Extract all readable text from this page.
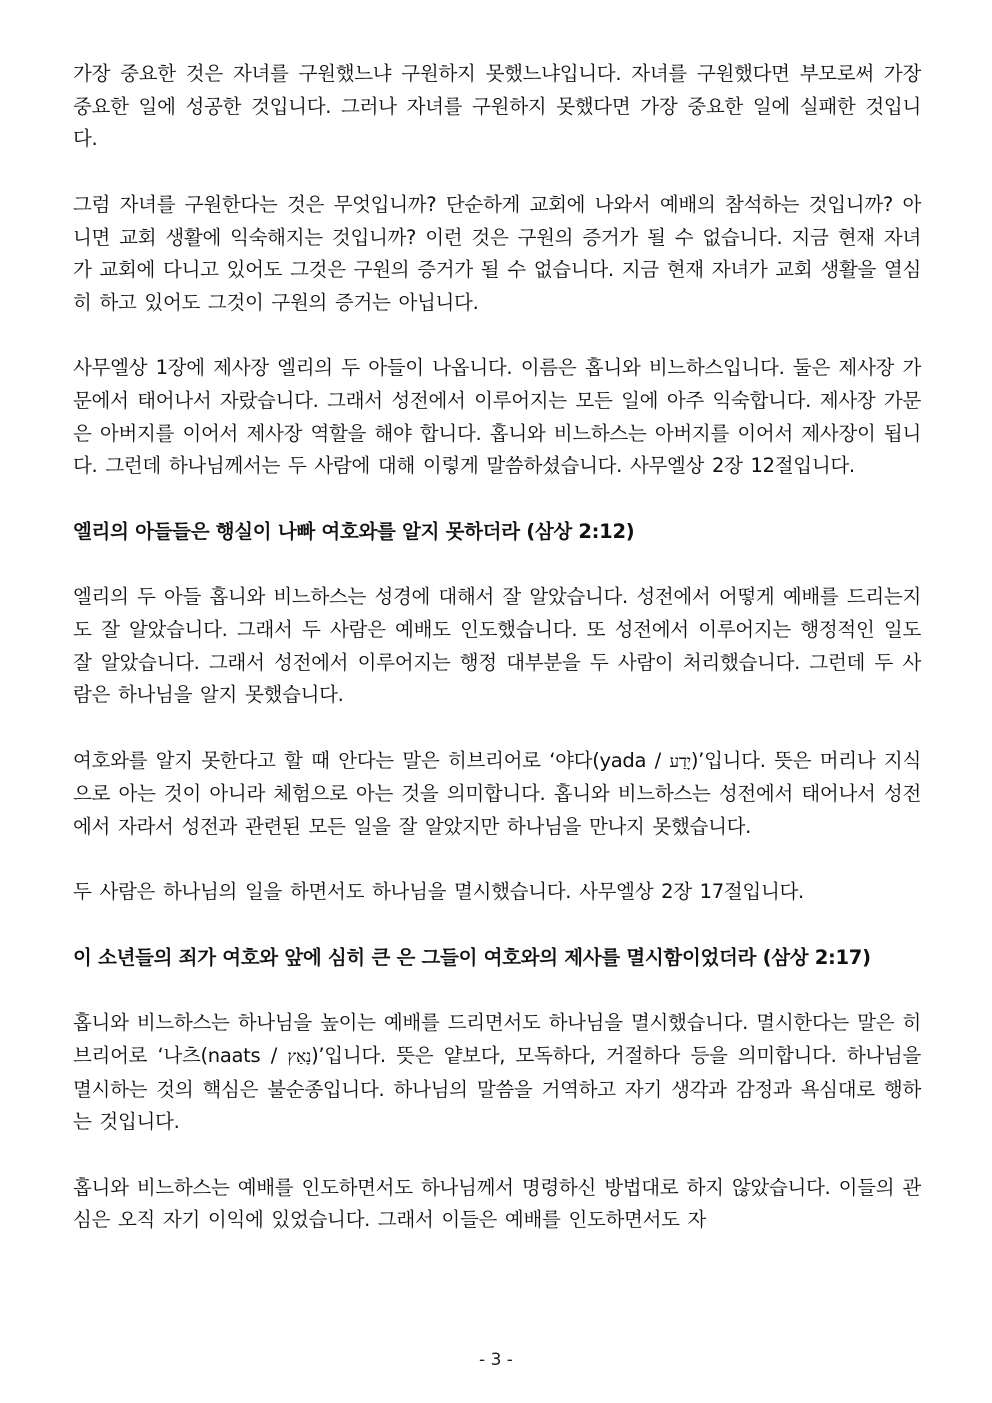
가장 중요한 것은 자녀를 구원했느냐 구원하지 못했느냐입니다. 자녀를 구원했다면 부모로써 가장 중요한 일에 성공한 것입니다. 그러나 자녀를 구원하지 못했다면 가장 중요한 일에 실패한 것입니다.

그럼 자녀를 구원한다는 것은 무엇입니까? 단순하게 교회에 나와서 예배의 참석하는 것입니까? 아니면 교회 생활에 익숙해지는 것입니까? 이런 것은 구원의 증거가 될 수 없습니다. 지금 현재 자녀가 교회에 다니고 있어도 그것은 구원의 증거가 될 수 없습니다. 지금 현재 자녀가 교회 생활을 열심히 하고 있어도 그것이 구원의 증거는 아닙니다.

사무엘상 1장에 제사장 엘리의 두 아들이 나옵니다. 이름은 홉니와 비느하스입니다. 둘은 제사장 가문에서 태어나서 자랐습니다. 그래서 성전에서 이루어지는 모든 일에 아주 익숙합니다. 제사장 가문은 아버지를 이어서 제사장 역할을 해야 합니다. 홉니와 비느하스는 아버지를 이어서 제사장이 됩니다. 그런데 하나님께서는 두 사람에 대해 이렇게 말씀하셨습니다. 사무엘상 2장 12절입니다.

엘리의 아들들은 행실이 나빠 여호와를 알지 못하더라 (삼상 2:12)

엘리의 두 아들 홉니와 비느하스는 성경에 대해서 잘 알았습니다. 성전에서 어떻게 예배를 드리는지도 잘 알았습니다. 그래서 두 사람은 예배도 인도했습니다. 또 성전에서 이루어지는 행정적인 일도 잘 알았습니다. 그래서 성전에서 이루어지는 행정 대부분을 두 사람이 처리했습니다. 그런데 두 사람은 하나님을 알지 못했습니다.

여호와를 알지 못한다고 할 때 안다는 말은 히브리어로 ‘야다(yada / יָדַע)’입니다. 뜻은 머리나 지식으로 아는 것이 아니라 체험으로 아는 것을 의미합니다. 홉니와 비느하스는 성전에서 태어나서 성전에서 자라서 성전과 관련된 모든 일을 잘 알았지만 하나님을 만나지 못했습니다.

두 사람은 하나님의 일을 하면서도 하나님을 멸시했습니다. 사무엘상 2장 17절입니다.

이 소년들의 죄가 여호와 앞에 심히 큰 은 그들이 여호와의 제사를 멸시함이었더라 (삼상 2:17)

홉니와 비느하스는 하나님을 높이는 예배를 드리면서도 하나님을 멸시했습니다. 멸시한다는 말은 히브리어로 ‘나츠(naats / נָאַץ)’입니다. 뜻은 얕보다, 모독하다, 거절하다 등을 의미합니다. 하나님을 멸시하는 것의 핵심은 불순종입니다. 하나님의 말씀을 거역하고 자기 생각과 감정과 욕심대로 행하는 것입니다.

홉니와 비느하스는 예배를 인도하면서도 하나님께서 명령하신 방법대로 하지 않았습니다. 이들의 관심은 오직 자기 이익에 있었습니다. 그래서 이들은 예배를 인도하면서도 자

- 3 -
